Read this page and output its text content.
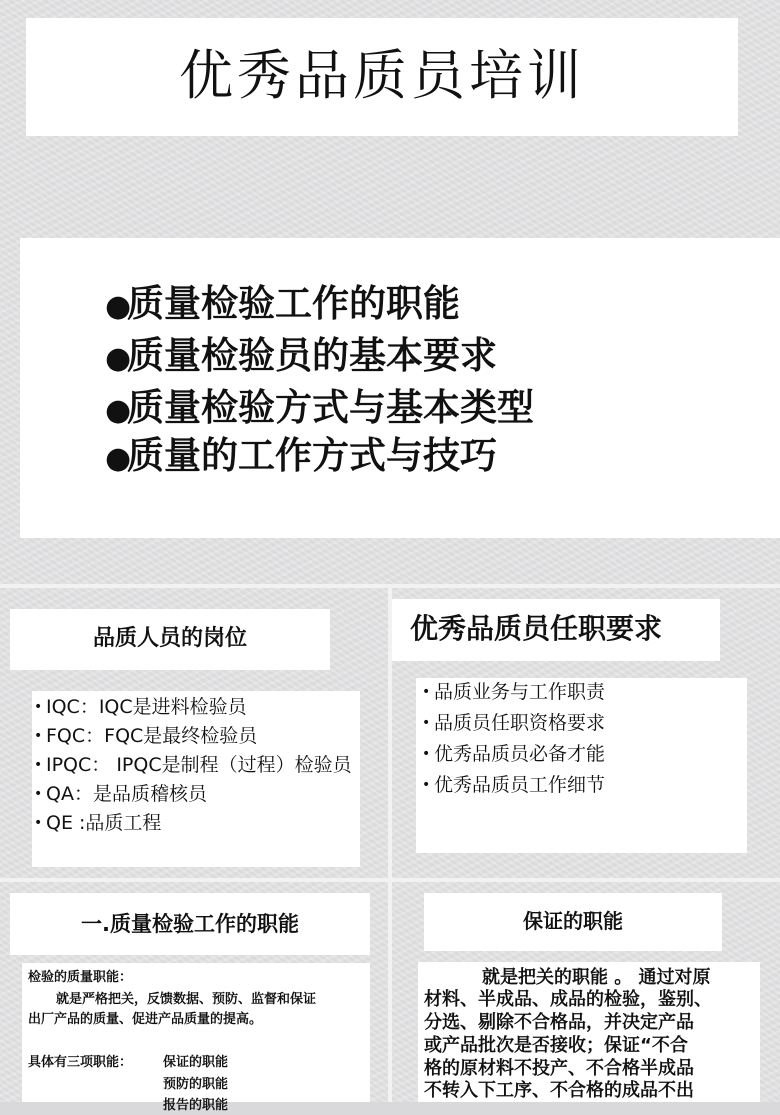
优秀品质员培训
●质量检验工作的职能
●质量检验员的基本要求
●质量检验方式与基本类型
●质量的工作方式与技巧
品质人员的岗位
• IQC：IQC是进料检验员
• FQC：FQC是最终检验员
• IPQC： IPQC是制程（过程）检验员
• QA：是品质稽核员
• QE :品质工程
优秀品质员任职要求
• 品质业务与工作职责
• 品质员任职资格要求
• 优秀品质员必备才能
• 优秀品质员工作细节
一.质量检验工作的职能
检验的质量职能：
就是严格把关，反馈数据、预防、监督和保证
出厂产品的质量、促进产品质量的提高。
具体有三项职能： 保证的职能
预防的职能
报告的职能
保证的职能
就是把关的职能 。 通过对原
材料、半成品、成品的检验，鉴别、
分选、剔除不合格品，并决定产品
或产品批次是否接收；保证“不合
格的原材料不投产、不合格半成品
不转入下工序、不合格的成品不出
